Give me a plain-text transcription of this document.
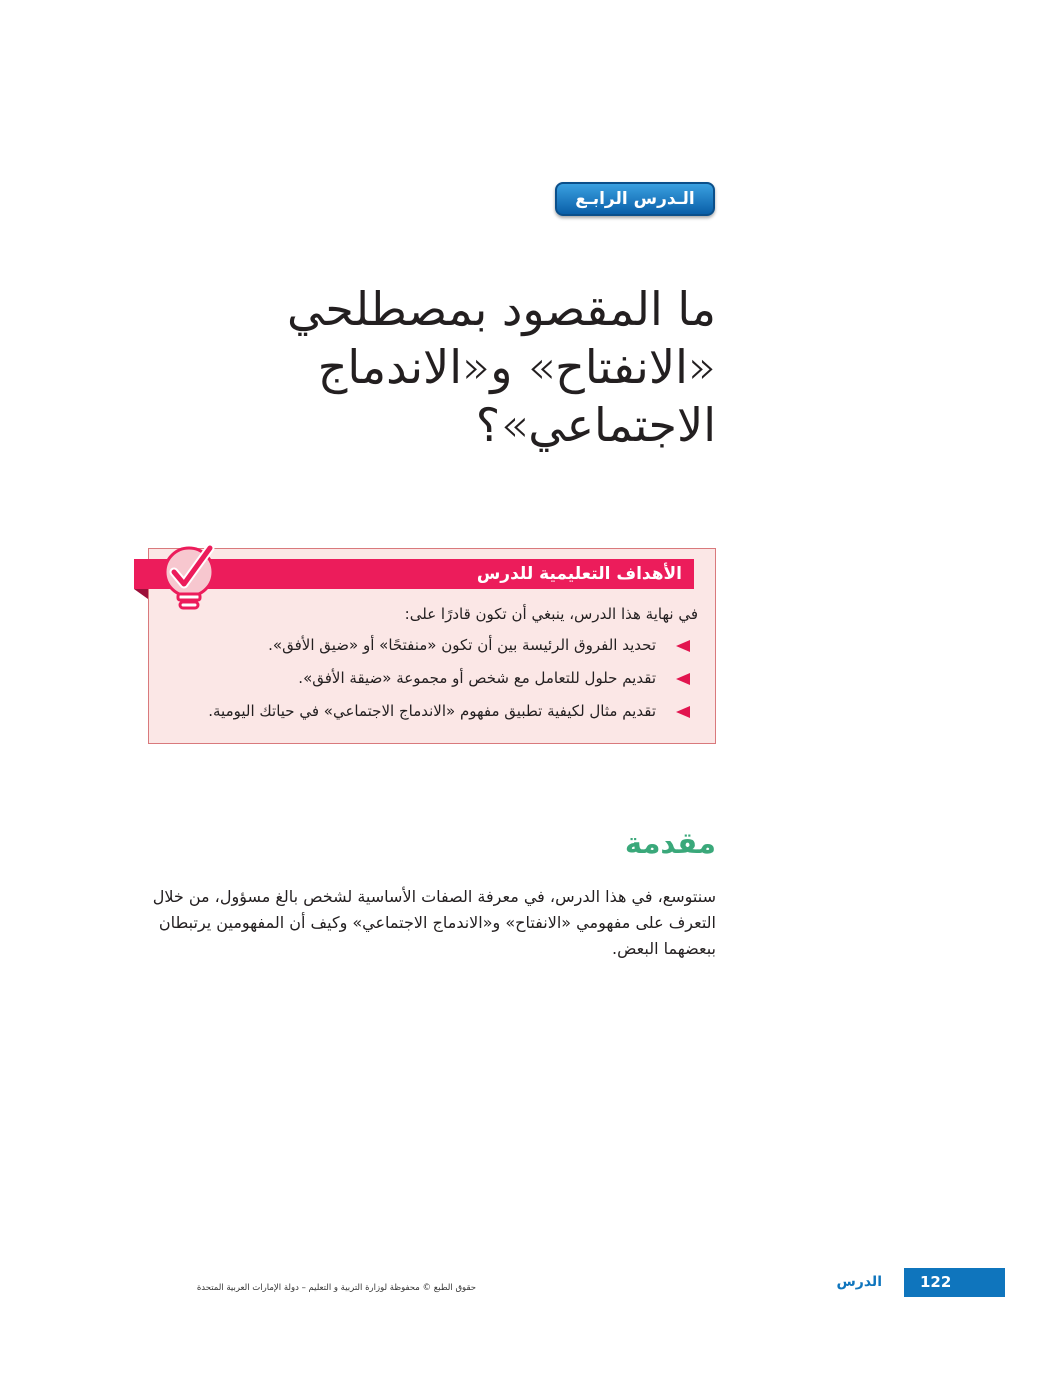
الـدرس الرابـع
ما المقصود بمصطلحي
«الانفتاح» و«الاندماج
الاجتماعي»؟
الأهداف التعليمية للدرس
في نهاية هذا الدرس، ينبغي أن تكون قادرًا على:
تحديد الفروق الرئيسة بين أن تكون «منفتحًا» أو «ضيق الأفق».
تقديم حلول للتعامل مع شخص أو مجموعة «ضيقة الأفق».
تقديم مثال لكيفية تطبيق مفهوم «الاندماج الاجتماعي» في حياتك اليومية.
مقدمة

سنتوسع، في هذا الدرس، في معرفة الصفات الأساسية لشخص بالغ مسؤول، من خلال التعرف على مفهومي «الانفتاح» و«الاندماج الاجتماعي» وكيف أن المفهومين يرتبطان ببعضهما البعض.

122
الدرس
حقوق الطبع © محفوظة لوزارة التربية و التعليم – دولة الإمارات العربية المتحدة
